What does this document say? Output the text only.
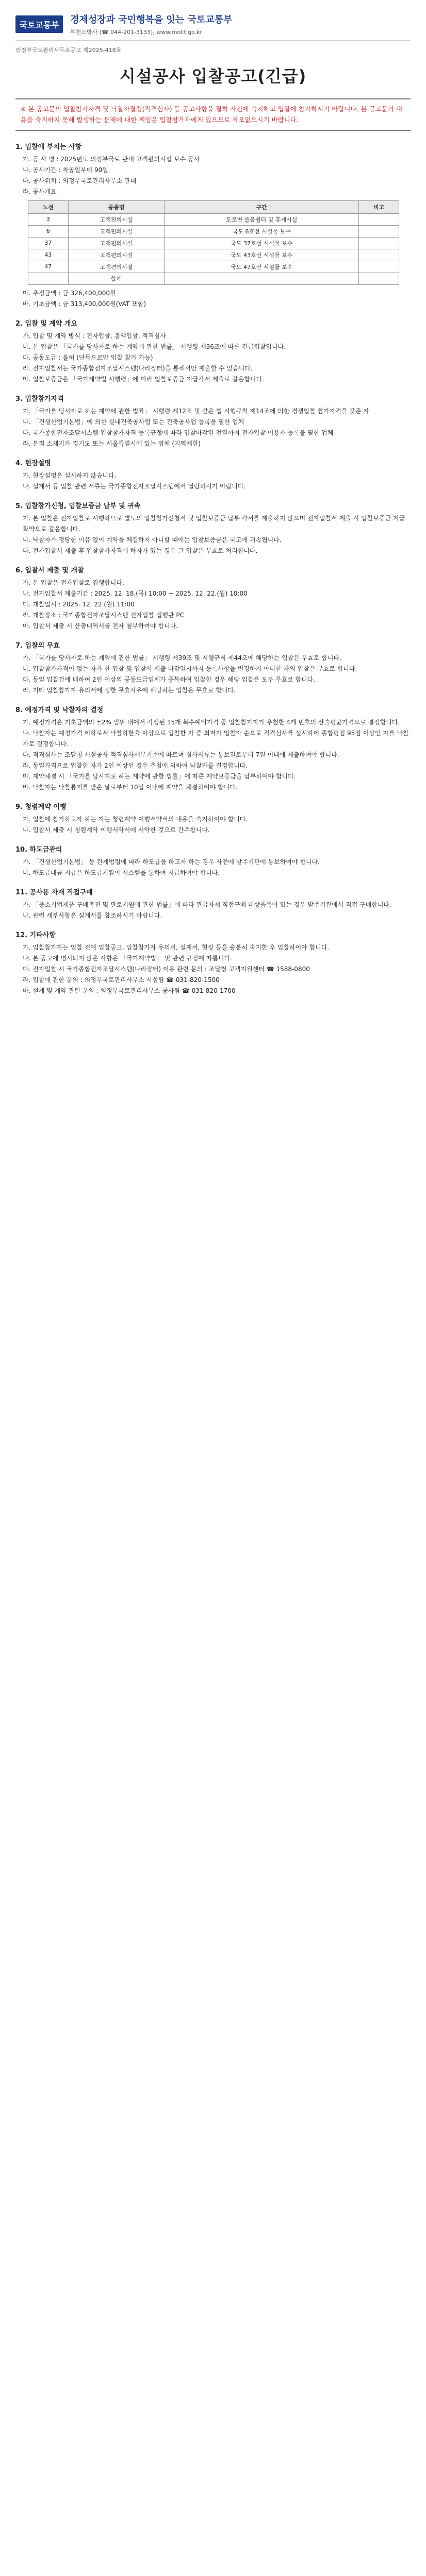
국토교통부	경제성장과 국민행복을 잇는 국토교통부
부천소방사 (☎ 044-201-3133), www.molit.go.kr
의정부국토관리사무소공고 제2025-418호
시설공사 입찰공고(긴급)
※ 본 공고문의 입찰참가자격 및 낙찰자결정(적격심사) 등 공고사항을 필히 사전에 숙지하고 입찰에 참가하시기 바랍니다. 본 공고문의 내용을 숙지하지 못해 발생하는 문제에 대한 책임은 입찰참가자에게 있으므로 착오없으시기 바랍니다.
1. 입찰에 부치는 사항

가. 공 사 명 : 2025년도 의정부국토 관내 고객편의시설 보수 공사

나. 공사기간 : 착공일부터 90일

다. 공사위치 : 의정부국토관리사무소 관내

라. 공사개요

노선	공종명	구간	비고
3	고객편의시설	도로변 졸음쉼터 및 휴게시설	
6	고객편의시설	국도 6호선 시설물 보수	
37	고객편의시설	국도 37호선 시설물 보수	
43	고객편의시설	국도 43호선 시설물 보수	
47	고객편의시설	국도 47호선 시설물 보수	
	합계		

마. 추정금액 : 금 326,400,000원

바. 기초금액 : 금 313,400,000원(VAT 포함)

2. 입찰 및 계약 개요

가. 입찰 및 계약 방식 : 전자입찰, 총액입찰, 적격심사

나. 본 입찰은 「국가를 당사자로 하는 계약에 관한 법률」 시행령 제36조에 따른 긴급입찰입니다.

다. 공동도급 : 불허 (단독으로만 입찰 참가 가능)

라. 전자입찰서는 국가종합전자조달시스템(나라장터)을 통해서만 제출할 수 있습니다.

마. 입찰보증금은 「국가계약법 시행령」에 따라 입찰보증금 지급각서 제출로 갈음합니다.

3. 입찰참가자격

가. 「국가를 당사자로 하는 계약에 관한 법률」 시행령 제12조 및 같은 법 시행규칙 제14조에 의한 경쟁입찰 참가자격을 갖춘 자

나. 「건설산업기본법」에 의한 실내건축공사업 또는 건축공사업 등록을 필한 업체

다. 국가종합전자조달시스템 입찰참가자격 등록규정에 따라 입찰마감일 전일까지 전자입찰 이용자 등록을 필한 업체

라. 본점 소재지가 경기도 또는 서울특별시에 있는 업체 (지역제한)

4. 현장설명

가. 현장설명은 실시하지 않습니다.

나. 설계서 등 입찰 관련 서류는 국가종합전자조달시스템에서 열람하시기 바랍니다.

5. 입찰참가신청, 입찰보증금 납부 및 귀속

가. 본 입찰은 전자입찰로 시행하므로 별도의 입찰참가신청서 및 입찰보증금 납부 각서를 제출하지 않으며 전자입찰서 제출 시 입찰보증금 지급 확약으로 갈음합니다.

나. 낙찰자가 정당한 이유 없이 계약을 체결하지 아니할 때에는 입찰보증금은 국고에 귀속됩니다.

다. 전자입찰서 제출 후 입찰참가자격에 하자가 있는 경우 그 입찰은 무효로 처리합니다.

6. 입찰서 제출 및 개찰

가. 본 입찰은 전자입찰로 집행합니다.

나. 전자입찰서 제출기간 : 2025. 12. 18.(목) 10:00 ~ 2025. 12. 22.(월) 10:00

다. 개찰일시 : 2025. 12. 22.(월) 11:00

라. 개찰장소 : 국가종합전자조달시스템 전자입찰 집행관 PC

마. 입찰서 제출 시 산출내역서를 전자 첨부하여야 합니다.

7. 입찰의 무효

가. 「국가를 당사자로 하는 계약에 관한 법률」 시행령 제39조 및 시행규칙 제44조에 해당하는 입찰은 무효로 합니다.

나. 입찰참가자격이 없는 자가 한 입찰 및 입찰서 제출 마감일시까지 등록사항을 변경하지 아니한 자의 입찰은 무효로 합니다.

다. 동일 입찰건에 대하여 2인 이상의 공동도급업체가 중복하여 입찰한 경우 해당 입찰은 모두 무효로 합니다.

라. 기타 입찰참가자 유의서에 정한 무효사유에 해당하는 입찰은 무효로 합니다.

8. 예정가격 및 낙찰자의 결정

가. 예정가격은 기초금액의 ±2% 범위 내에서 작성된 15개 복수예비가격 중 입찰참가자가 추첨한 4개 번호의 산술평균가격으로 결정합니다.

나. 낙찰자는 예정가격 이하로서 낙찰하한율 이상으로 입찰한 자 중 최저가 입찰자 순으로 적격심사를 실시하여 종합평점 95점 이상인 자를 낙찰자로 결정합니다.

다. 적격심사는 조달청 시설공사 적격심사세부기준에 따르며 심사서류는 통보일로부터 7일 이내에 제출하여야 합니다.

라. 동일가격으로 입찰한 자가 2인 이상인 경우 추첨에 의하여 낙찰자를 결정합니다.

마. 계약체결 시 「국가를 당사자로 하는 계약에 관한 법률」에 따른 계약보증금을 납부하여야 합니다.

바. 낙찰자는 낙찰통지를 받은 날로부터 10일 이내에 계약을 체결하여야 합니다.

9. 청렴계약 이행

가. 입찰에 참가하고자 하는 자는 청렴계약 이행서약서의 내용을 숙지하여야 합니다.

나. 입찰서 제출 시 청렴계약 이행서약서에 서약한 것으로 간주합니다.

10. 하도급관리

가. 「건설산업기본법」 등 관계법령에 따라 하도급을 하고자 하는 경우 사전에 발주기관에 통보하여야 합니다.

나. 하도급대금 지급은 하도급지킴이 시스템을 통하여 지급하여야 합니다.

11. 공사용 자재 직접구매

가. 「중소기업제품 구매촉진 및 판로지원에 관한 법률」에 따라 관급자재 직접구매 대상품목이 있는 경우 발주기관에서 직접 구매합니다.

나. 관련 세부사항은 설계서를 참조하시기 바랍니다.

12. 기타사항

가. 입찰참가자는 입찰 전에 입찰공고, 입찰참가자 유의서, 설계서, 현장 등을 충분히 숙지한 후 입찰하여야 합니다.

나. 본 공고에 명시되지 않은 사항은 「국가계약법」 및 관련 규정에 따릅니다.

다. 전자입찰 시 국가종합전자조달시스템(나라장터) 이용 관련 문의 : 조달청 고객지원센터 ☎ 1588-0800

라. 입찰에 관한 문의 : 의정부국토관리사무소 시설팀 ☎ 031-820-1500

마. 설계 및 계약 관련 문의 : 의정부국토관리사무소 공사팀 ☎ 031-820-1700
